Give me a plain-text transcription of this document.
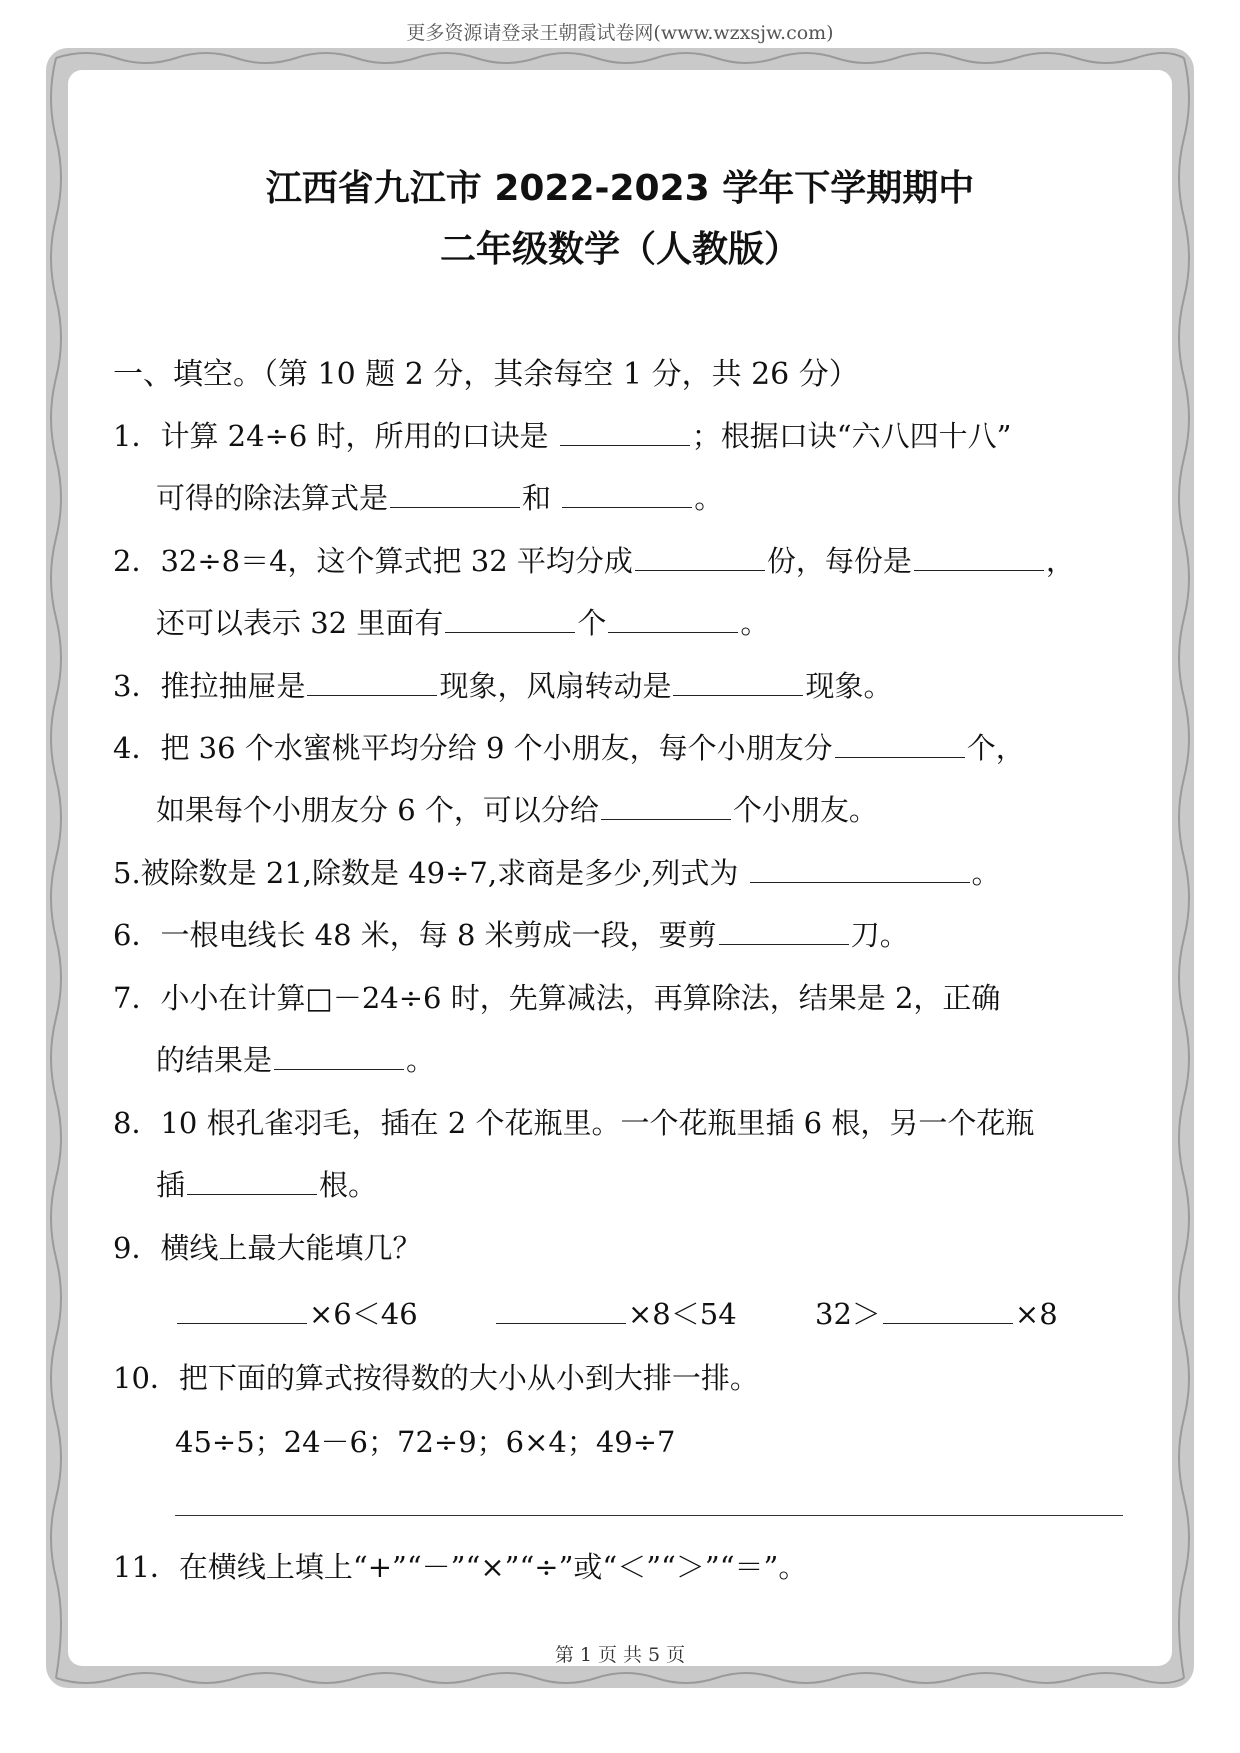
更多资源请登录王朝霞试卷网(www.wzxsjw.com)
江西省九江市 2022-2023 学年下学期期中
二年级数学（人教版）
一、填空。（第 10 题 2 分，其余每空 1 分，共 26 分）
1．计算 24÷6 时，所用的口诀是	；根据口诀“六八四十八”
可得的除法算式是	和	。
2．32÷8＝4，这个算式把 32 平均分成	份，每份是	，
还可以表示 32 里面有	个	。
3．推拉抽屉是	现象，风扇转动是	现象。
4．把 36 个水蜜桃平均分给 9 个小朋友，每个小朋友分	个，
如果每个小朋友分 6 个，可以分给	个小朋友。
5.被除数是 21,除数是 49÷7,求商是多少,列式为	。
6．一根电线长 48 米，每 8 米剪成一段，要剪	刀。
7．小小在计算□－24÷6 时，先算减法，再算除法，结果是 2，正确
的结果是	。
8．10 根孔雀羽毛，插在 2 个花瓶里。一个花瓶里插 6 根，另一个花瓶
插	根。
9．横线上最大能填几？
×6＜46	×8＜54	32＞	×8
10．把下面的算式按得数的大小从小到大排一排。
45÷5；24－6；72÷9；6×4；49÷7
11．在横线上填上“+”“－”“×”“÷”或“＜”“＞”“＝”。
第 1 页 共 5 页
